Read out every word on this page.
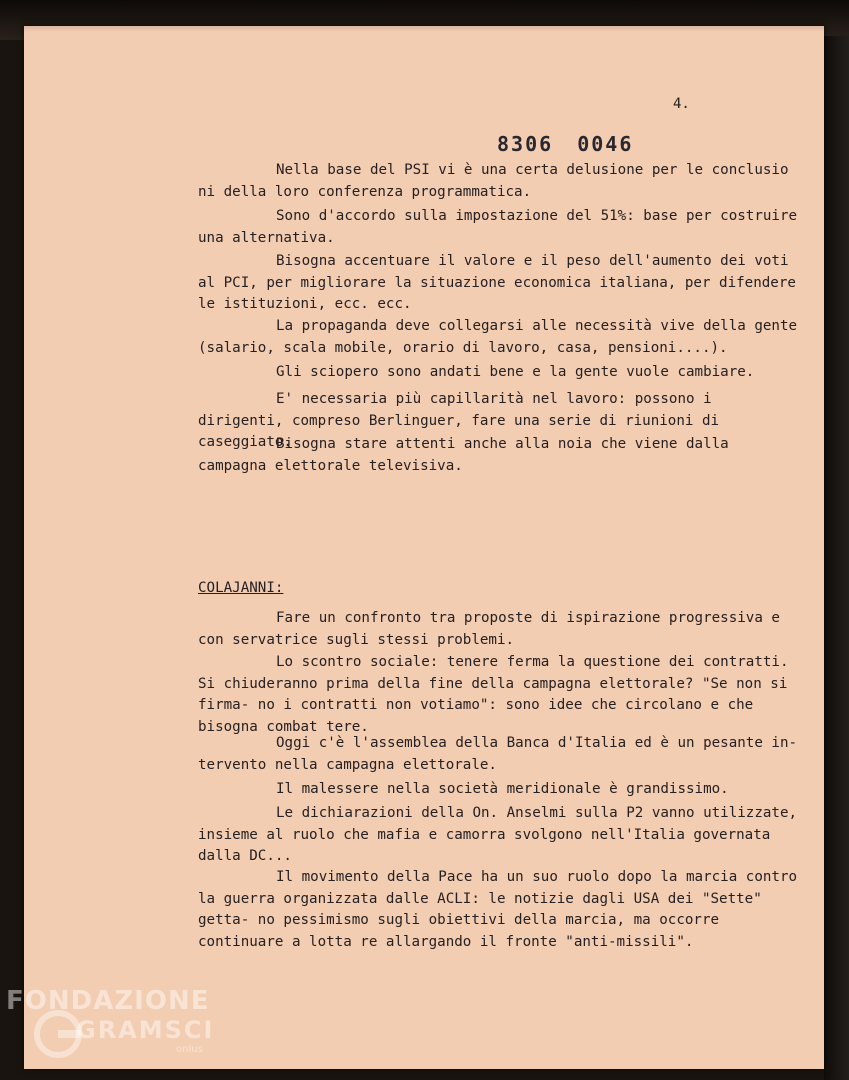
4.
8306 0046

Nella base del PSI vi è una certa delusione per le conclusio ni della loro conferenza programmatica.

Sono d'accordo sulla impostazione del 51%: base per costruire una alternativa.

Bisogna accentuare il valore e il peso dell'aumento dei voti al PCI, per migliorare la situazione economica italiana, per difendere le istituzioni, ecc. ecc.

La propaganda deve collegarsi alle necessità vive della gente (salario, scala mobile, orario di lavoro, casa, pensioni....).

Gli sciopero sono andati bene e la gente vuole cambiare.

E' necessaria più capillarità nel lavoro: possono i dirigenti, compreso Berlinguer, fare una serie di riunioni di caseggiato.

Bisogna stare attenti anche alla noia che viene dalla campagna elettorale televisiva.

COLAJANNI:

Fare un confronto tra proposte di ispirazione progressiva e con servatrice sugli stessi problemi.

Lo scontro sociale: tenere ferma la questione dei contratti. Si chiuderanno prima della fine della campagna elettorale? "Se non si firma- no i contratti non votiamo": sono idee che circolano e che bisogna combat tere.

Oggi c'è l'assemblea della Banca d'Italia ed è un pesante in- tervento nella campagna elettorale.

Il malessere nella società meridionale è grandissimo.

Le dichiarazioni della On. Anselmi sulla P2 vanno utilizzate, insieme al ruolo che mafia e camorra svolgono nell'Italia governata dalla DC...

Il movimento della Pace ha un suo ruolo dopo la marcia contro la guerra organizzata dalle ACLI: le notizie dagli USA dei "Sette" getta- no pessimismo sugli obiettivi della marcia, ma occorre continuare a lotta re allargando il fronte "anti-missili".

FONDAZIONE
GRAMSCI
onlus
